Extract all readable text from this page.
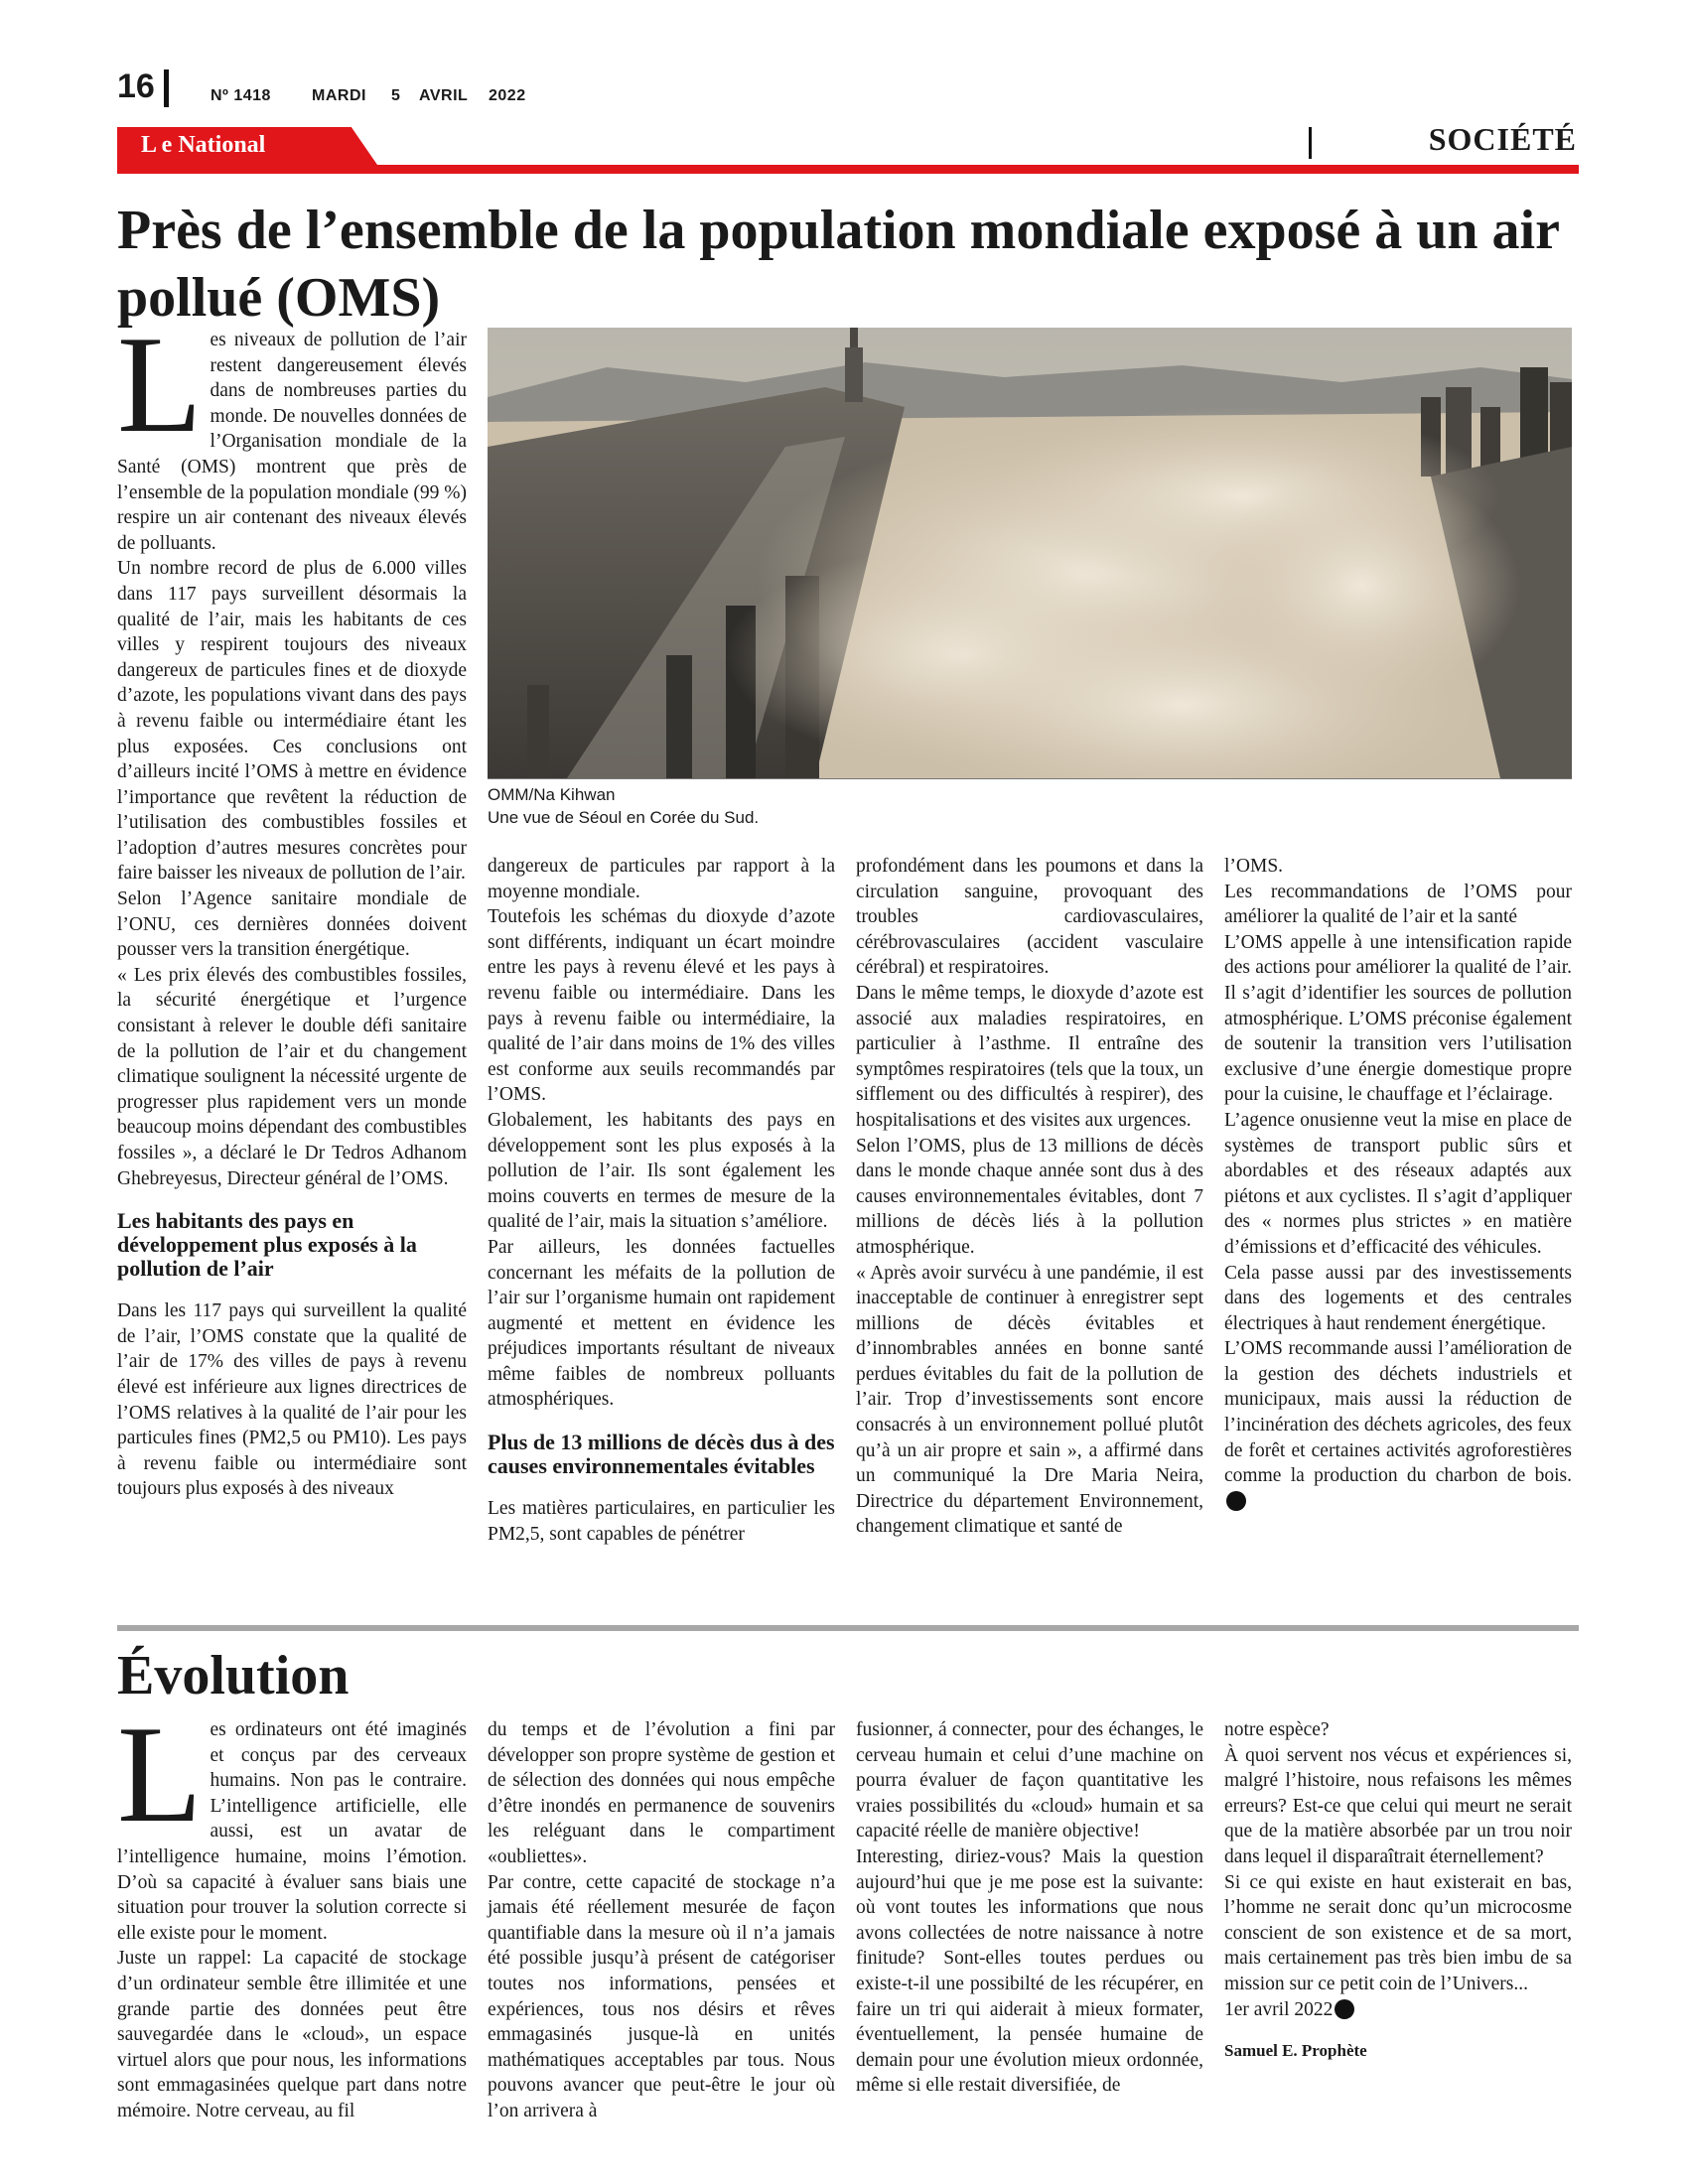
16	Nº 1418	MARDI 5 AVRIL 2022
L e National	SOCIÉTÉ
Près de l’ensemble de la population mondiale exposé à un air pollué (OMS)

Les niveaux de pollution de l’air restent dangereusement élevés dans de nombreuses parties du monde. De nouvelles données de l’Organisation mondiale de la Santé (OMS) montrent que près de l’ensemble de la population mondiale (99 %) respire un air contenant des niveaux élevés de polluants.

Un nombre record de plus de 6.000 villes dans 117 pays surveillent désormais la qualité de l’air, mais les habitants de ces villes y respirent toujours des niveaux dangereux de particules fines et de dioxyde d’azote, les populations vivant dans des pays à revenu faible ou intermédiaire étant les plus exposées. Ces conclusions ont d’ailleurs incité l’OMS à mettre en évidence l’importance que revêtent la réduction de l’utilisation des combustibles fossiles et l’adoption d’autres mesures concrètes pour faire baisser les niveaux de pollution de l’air.

Selon l’Agence sanitaire mondiale de l’ONU, ces dernières données doivent pousser vers la transition énergétique.

« Les prix élevés des combustibles fossiles, la sécurité énergétique et l’urgence consistant à relever le double défi sanitaire de la pollution de l’air et du changement climatique soulignent la nécessité urgente de progresser plus rapidement vers un monde beaucoup moins dépendant des combustibles fossiles », a déclaré le Dr Tedros Adhanom Ghebreyesus, Directeur général de l’OMS.

Les habitants des pays en développement plus exposés à la pollution de l’air

Dans les 117 pays qui surveillent la qualité de l’air, l’OMS constate que la qualité de l’air de 17% des villes de pays à revenu élevé est inférieure aux lignes directrices de l’OMS relatives à la qualité de l’air pour les particules fines (PM2,5 ou PM10). Les pays à revenu faible ou intermédiaire sont toujours plus exposés à des niveaux

OMM/Na Kihwan
Une vue de Séoul en Corée du Sud.

dangereux de particules par rapport à la moyenne mondiale.

Toutefois les schémas du dioxyde d’azote sont différents, indiquant un écart moindre entre les pays à revenu élevé et les pays à revenu faible ou intermédiaire. Dans les pays à revenu faible ou intermédiaire, la qualité de l’air dans moins de 1% des villes est conforme aux seuils recommandés par l’OMS.

Globalement, les habitants des pays en développement sont les plus exposés à la pollution de l’air. Ils sont également les moins couverts en termes de mesure de la qualité de l’air, mais la situation s’améliore.

Par ailleurs, les données factuelles concernant les méfaits de la pollution de l’air sur l’organisme humain ont rapidement augmenté et mettent en évidence les préjudices importants résultant de niveaux même faibles de nombreux polluants atmosphériques.

Plus de 13 millions de décès dus à des causes environnementales évitables

Les matières particulaires, en particulier les PM2,5, sont capables de pénétrer

profondément dans les poumons et dans la circulation sanguine, provoquant des troubles cardiovasculaires, cérébrovasculaires (accident vasculaire cérébral) et respiratoires.

Dans le même temps, le dioxyde d’azote est associé aux maladies respiratoires, en particulier à l’asthme. Il entraîne des symptômes respiratoires (tels que la toux, un sifflement ou des difficultés à respirer), des hospitalisations et des visites aux urgences.

Selon l’OMS, plus de 13 millions de décès dans le monde chaque année sont dus à des causes environnementales évitables, dont 7 millions de décès liés à la pollution atmosphérique.

« Après avoir survécu à une pandémie, il est inacceptable de continuer à enregistrer sept millions de décès évitables et d’innombrables années en bonne santé perdues évitables du fait de la pollution de l’air. Trop d’investissements sont encore consacrés à un environnement pollué plutôt qu’à un air propre et sain », a affirmé dans un communiqué la Dre Maria Neira, Directrice du département Environnement, changement climatique et santé de

l’OMS.

Les recommandations de l’OMS pour améliorer la qualité de l’air et la santé

L’OMS appelle à une intensification rapide des actions pour améliorer la qualité de l’air. Il s’agit d’identifier les sources de pollution atmosphérique. L’OMS préconise également de soutenir la transition vers l’utilisation exclusive d’une énergie domestique propre pour la cuisine, le chauffage et l’éclairage.

L’agence onusienne veut la mise en place de systèmes de transport public sûrs et abordables et des réseaux adaptés aux piétons et aux cyclistes. Il s’agit d’appliquer des « normes plus strictes » en matière d’émissions et d’efficacité des véhicules.

Cela passe aussi par des investissements dans des logements et des centrales électriques à haut rendement énergétique.

L’OMS recommande aussi l’amélioration de la gestion des déchets industriels et municipaux, mais aussi la réduction de l’incinération des déchets agricoles, des feux de forêt et certaines activités agroforestières comme la production du charbon de bois.

Évolution

Les ordinateurs ont été imaginés et conçus par des cerveaux humains. Non pas le contraire. L’intelligence artificielle, elle aussi, est un avatar de l’intelligence humaine, moins l’émotion. D’où sa capacité à évaluer sans biais une situation pour trouver la solution correcte si elle existe pour le moment.

Juste un rappel: La capacité de stockage d’un ordinateur semble être illimitée et une grande partie des données peut être sauvegardée dans le «cloud», un espace virtuel alors que pour nous, les informations sont emmagasinées quelque part dans notre mémoire. Notre cerveau, au fil

du temps et de l’évolution a fini par développer son propre système de gestion et de sélection des données qui nous empêche d’être inondés en permanence de souvenirs les reléguant dans le compartiment «oubliettes».

Par contre, cette capacité de stockage n’a jamais été réellement mesurée de façon quantifiable dans la mesure où il n’a jamais été possible jusqu’à présent de catégoriser toutes nos informations, pensées et expériences, tous nos désirs et rêves emmagasinés jusque-là en unités mathématiques acceptables par tous. Nous pouvons avancer que peut-être le jour où l’on arrivera à

fusionner, á connecter, pour des échanges, le cerveau humain et celui d’une machine on pourra évaluer de façon quantitative les vraies possibilités du «cloud» humain et sa capacité réelle de manière objective!

Interesting, diriez-vous? Mais la question aujourd’hui que je me pose est la suivante: où vont toutes les informations que nous avons collectées de notre naissance à notre finitude? Sont-elles toutes perdues ou existe-t-il une possibilté de les récupérer, en faire un tri qui aiderait à mieux formater, éventuellement, la pensée humaine de demain pour une évolution mieux ordonnée, même si elle restait diversifiée, de

notre espèce?

À quoi servent nos vécus et expériences si, malgré l’histoire, nous refaisons les mêmes erreurs? Est-ce que celui qui meurt ne serait que de la matière absorbée par un trou noir dans lequel il disparaîtrait éternellement?

Si ce qui existe en haut existerait en bas, l’homme ne serait donc qu’un microcosme conscient de son existence et de sa mort, mais certainement pas très bien imbu de sa mission sur ce petit coin de l’Univers...

1er avril 2022

Samuel E. Prophète
